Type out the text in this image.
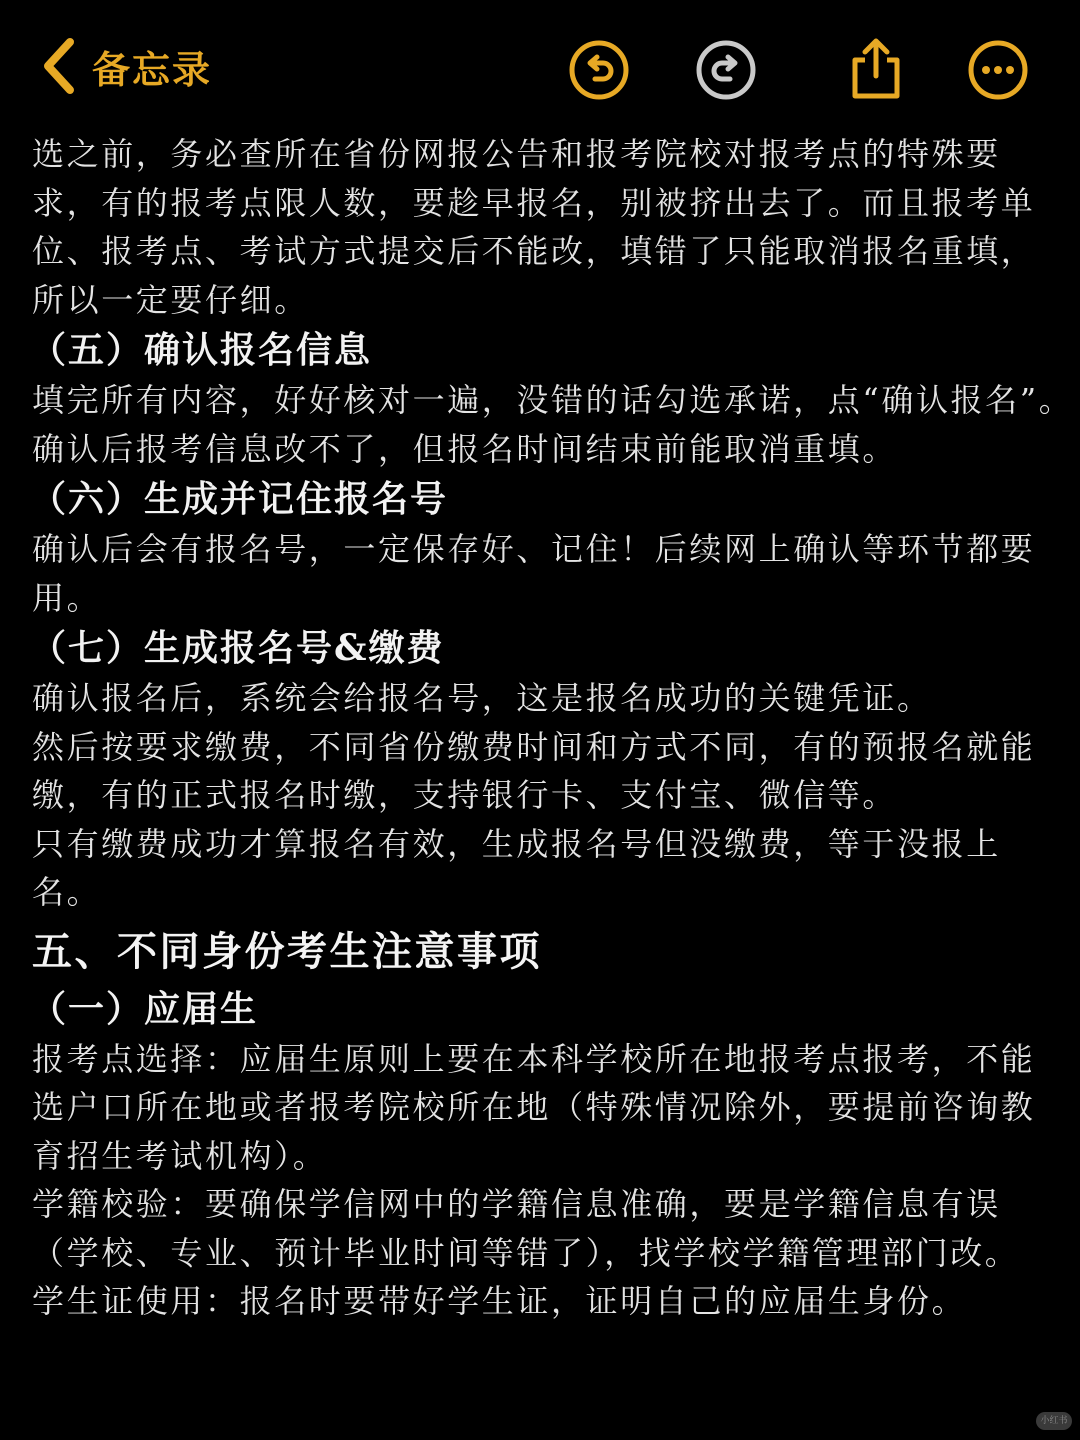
备忘录
选之前，务必查所在省份网报公告和报考院校对报考点的特殊要
求，有的报考点限人数，要趁早报名，别被挤出去了。而且报考单
位、报考点、考试方式提交后不能改，填错了只能取消报名重填，
所以一定要仔细。
（五）确认报名信息
填完所有内容，好好核对一遍，没错的话勾选承诺，点“确认报名”。
确认后报考信息改不了，但报名时间结束前能取消重填。
（六）生成并记住报名号
确认后会有报名号，一定保存好、记住！后续网上确认等环节都要
用。
（七）生成报名号&缴费
确认报名后，系统会给报名号，这是报名成功的关键凭证。
然后按要求缴费，不同省份缴费时间和方式不同，有的预报名就能
缴，有的正式报名时缴，支持银行卡、支付宝、微信等。
只有缴费成功才算报名有效，生成报名号但没缴费，等于没报上
名。
五、不同身份考生注意事项
（一）应届生
报考点选择：应届生原则上要在本科学校所在地报考点报考，不能
选户口所在地或者报考院校所在地（特殊情况除外，要提前咨询教
育招生考试机构）。
学籍校验：要确保学信网中的学籍信息准确，要是学籍信息有误
（学校、专业、预计毕业时间等错了），找学校学籍管理部门改。
学生证使用：报名时要带好学生证，证明自己的应届生身份。
小红书
